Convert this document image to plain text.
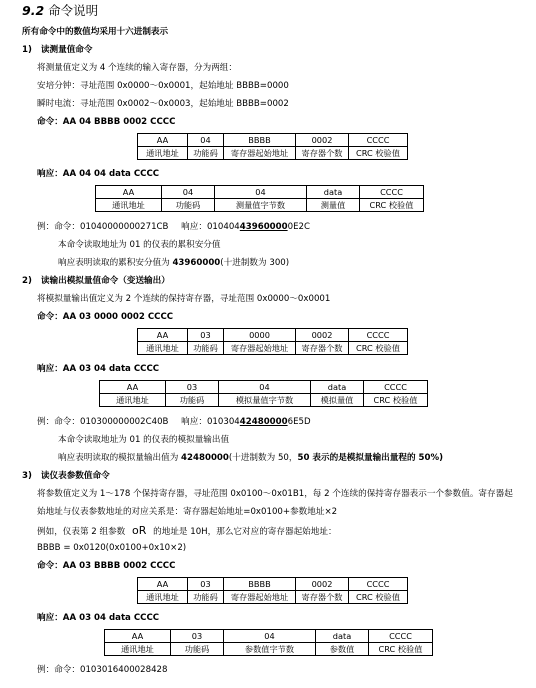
9.2 命令说明
所有命令中的数值均采用十六进制表示
1) 读测量值命令
将测量值定义为 4 个连续的输入寄存器，分为两组：
安培分钟：寻址范围 0x0000～0x0001，起始地址 BBBB=0000
瞬时电流：寻址范围 0x0002～0x0003，起始地址 BBBB=0002
命令：AA 04 BBBB 0002 CCCC
AA	04	BBBB	0002	CCCC
通讯地址	功能码	寄存器起始地址	寄存器个数	CRC 校验值
响应：AA 04 04 data CCCC
AA	04	04	data	CCCC
通讯地址	功能码	测量值字节数	测量值	CRC 校验值
例：命令：01040000000271CB 响应：010404439600000E2C
本命令读取地址为 01 的仪表的累积安分值
响应表明读取的累积安分值为 43960000(十进制数为 300)
2) 读输出模拟量值命令（变送输出）
将模拟量输出值定义为 2 个连续的保持寄存器，寻址范围 0x0000～0x0001
命令：AA 03 0000 0002 CCCC
AA	03	0000	0002	CCCC
通讯地址	功能码	寄存器起始地址	寄存器个数	CRC 校验值
响应：AA 03 04 data CCCC
AA	03	04	data	CCCC
通讯地址	功能码	模拟量值字节数	模拟量值	CRC 校验值
例：命令：010300000002C40B 响应：010304424800006E5D
本命令读取地址为 01 的仪表的模拟量输出值
响应表明读取的模拟量输出值为 42480000(十进制数为 50，50 表示的是模拟量输出量程的 50%)
3) 读仪表参数值命令
将参数值定义为 1～178 个保持寄存器，寻址范围 0x0100～0x01B1，每 2 个连续的保持寄存器表示一个参数值。寄存器起
始地址与仪表参数地址的对应关系是：寄存器起始地址=0x0100+参数地址×2
例如，仪表第 2 组参数 oR 的地址是 10H，那么它对应的寄存器起始地址：
BBBB = 0x0120(0x0100+0x10×2)
命令：AA 03 BBBB 0002 CCCC
AA	03	BBBB	0002	CCCC
通讯地址	功能码	寄存器起始地址	寄存器个数	CRC 校验值
响应：AA 03 04 data CCCC
AA	03	04	data	CCCC
通讯地址	功能码	参数值字节数	参数值	CRC 校验值
例：命令：0103016400028428
